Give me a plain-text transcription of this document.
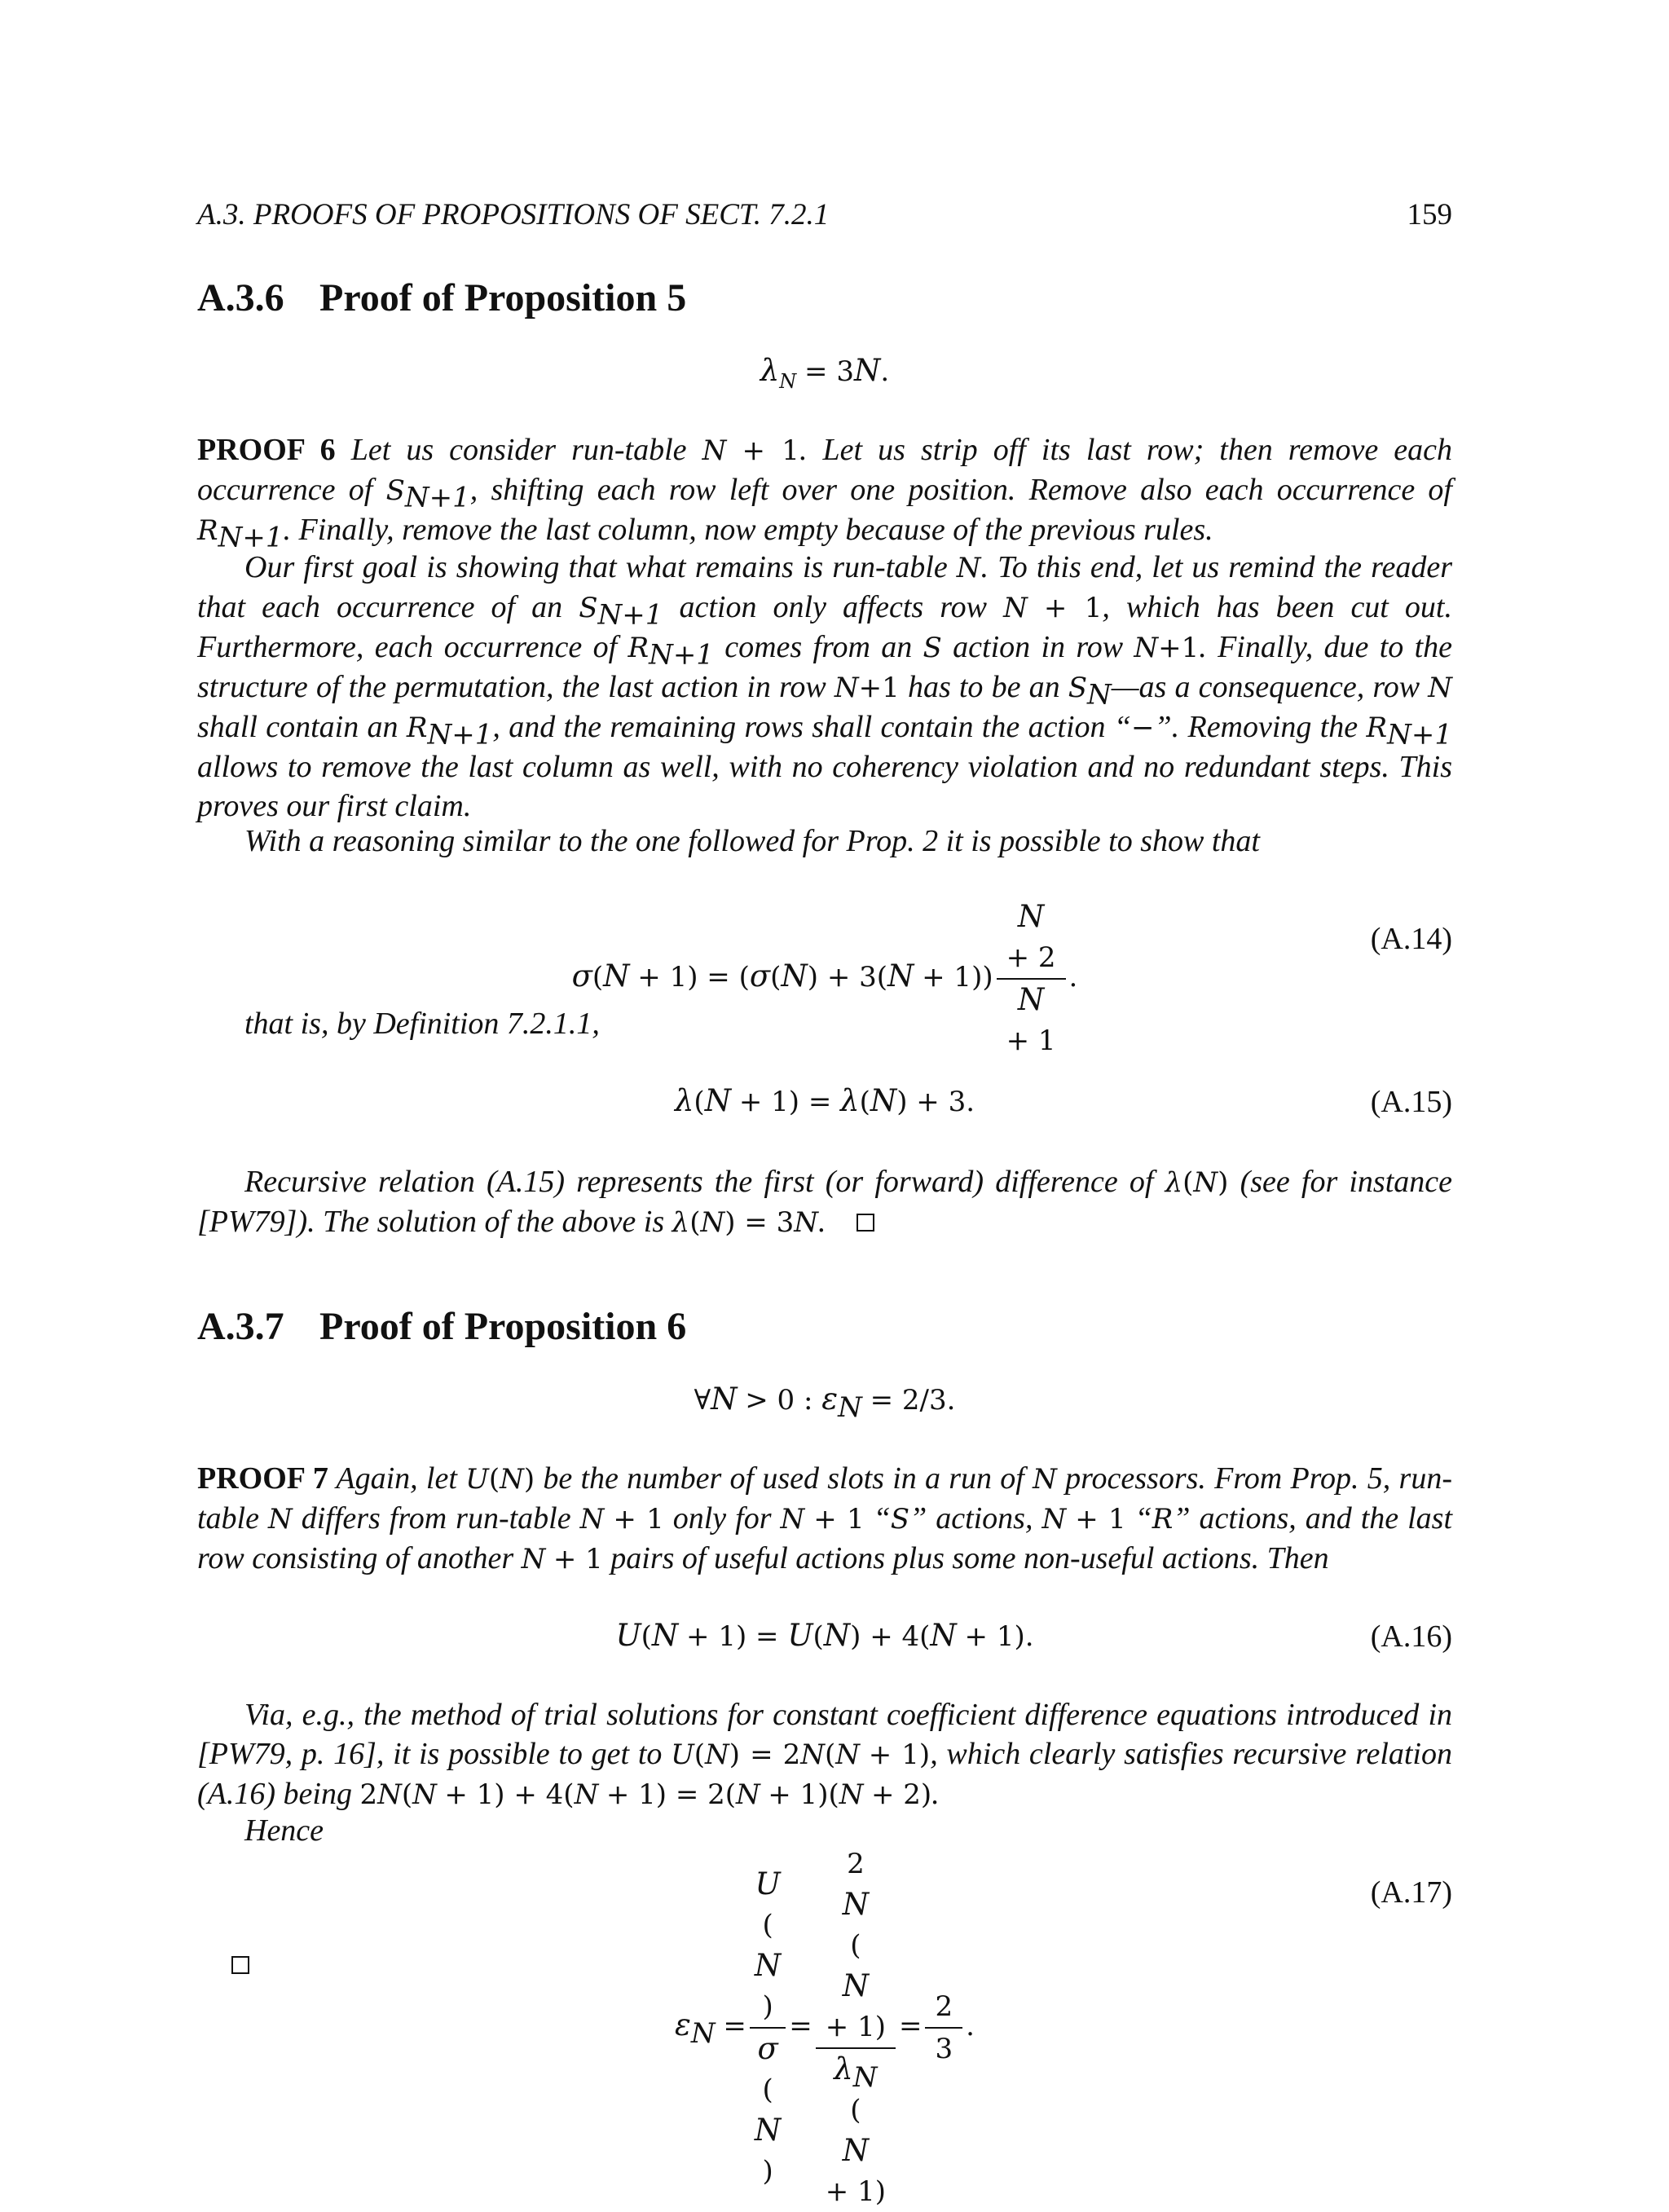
A.3. PROOFS OF PROPOSITIONS OF SECT. 7.2.1	159
A.3.6 Proof of Proposition 5
$\lambda_N = 3N$.

PROOF 6 Let us consider run-table N + 1. Let us strip off its last row; then remove each occurrence of $S_{N+1}$, shifting each row left over one position. Remove also each occurrence of $R_{N+1}$. Finally, remove the last column, now empty because of the previous rules.

Our first goal is showing that what remains is run-table N. To this end, let us remind the reader that each occurrence of an $S_{N+1}$ action only affects row N + 1, which has been cut out. Furthermore, each occurrence of $R_{N+1}$ comes from an S action in row N+1. Finally, due to the structure of the permutation, the last action in row N+1 has to be an $S_N—as$ a consequence, row N shall contain an $R_{N+1}$, and the remaining rows shall contain the action “−”. Removing the $R_{N+1}$ allows to remove the last column as well, with no coherency violation and no redundant steps. This proves our first claim.

With a reasoning similar to the one followed for Prop. 2 it is possible to show that

σ(N + 1) = (σ(N) + 3(N + 1)) N
+ 2
N
+ 1 .
(A.14)

that is, by Definition 7.2.1.1,

λ(N + 1) = λ(N) + 3.	(A.15)

Recursive relation (A.15) represents the first (or forward) difference of λ(N) (see for instance [PW79]). The solution of the above is λ(N) = 3N.

A.3.7 Proof of Proposition 6
∀N > 0 : $\varepsilon_N = 2/3$.

PROOF 7 Again, let U(N) be the number of used slots in a run of N processors. From Prop. 5, run-table N differs from run-table N + 1 only for N + 1 “S” actions, N + 1 “R” actions, and the last row consisting of another N + 1 pairs of useful actions plus some non-useful actions. Then

U(N + 1) = U(N) + 4(N + 1).	(A.16)

Via, e.g., the method of trial solutions for constant coefficient difference equations introduced in [PW79, p. 16], it is possible to get to U(N) = 2N(N + 1), which clearly satisfies recursive relation (A.16) being 2N(N + 1) + 4(N + 1) = 2(N + 1)(N + 2).

Hence

$\varepsilon_N = U$
(
N
)
σ
(
N
) = 2
N
(
N
+ 1)
$\lambda_N$
(
N
+ $1) = \frac{2}{3}$ .
(A.17)
